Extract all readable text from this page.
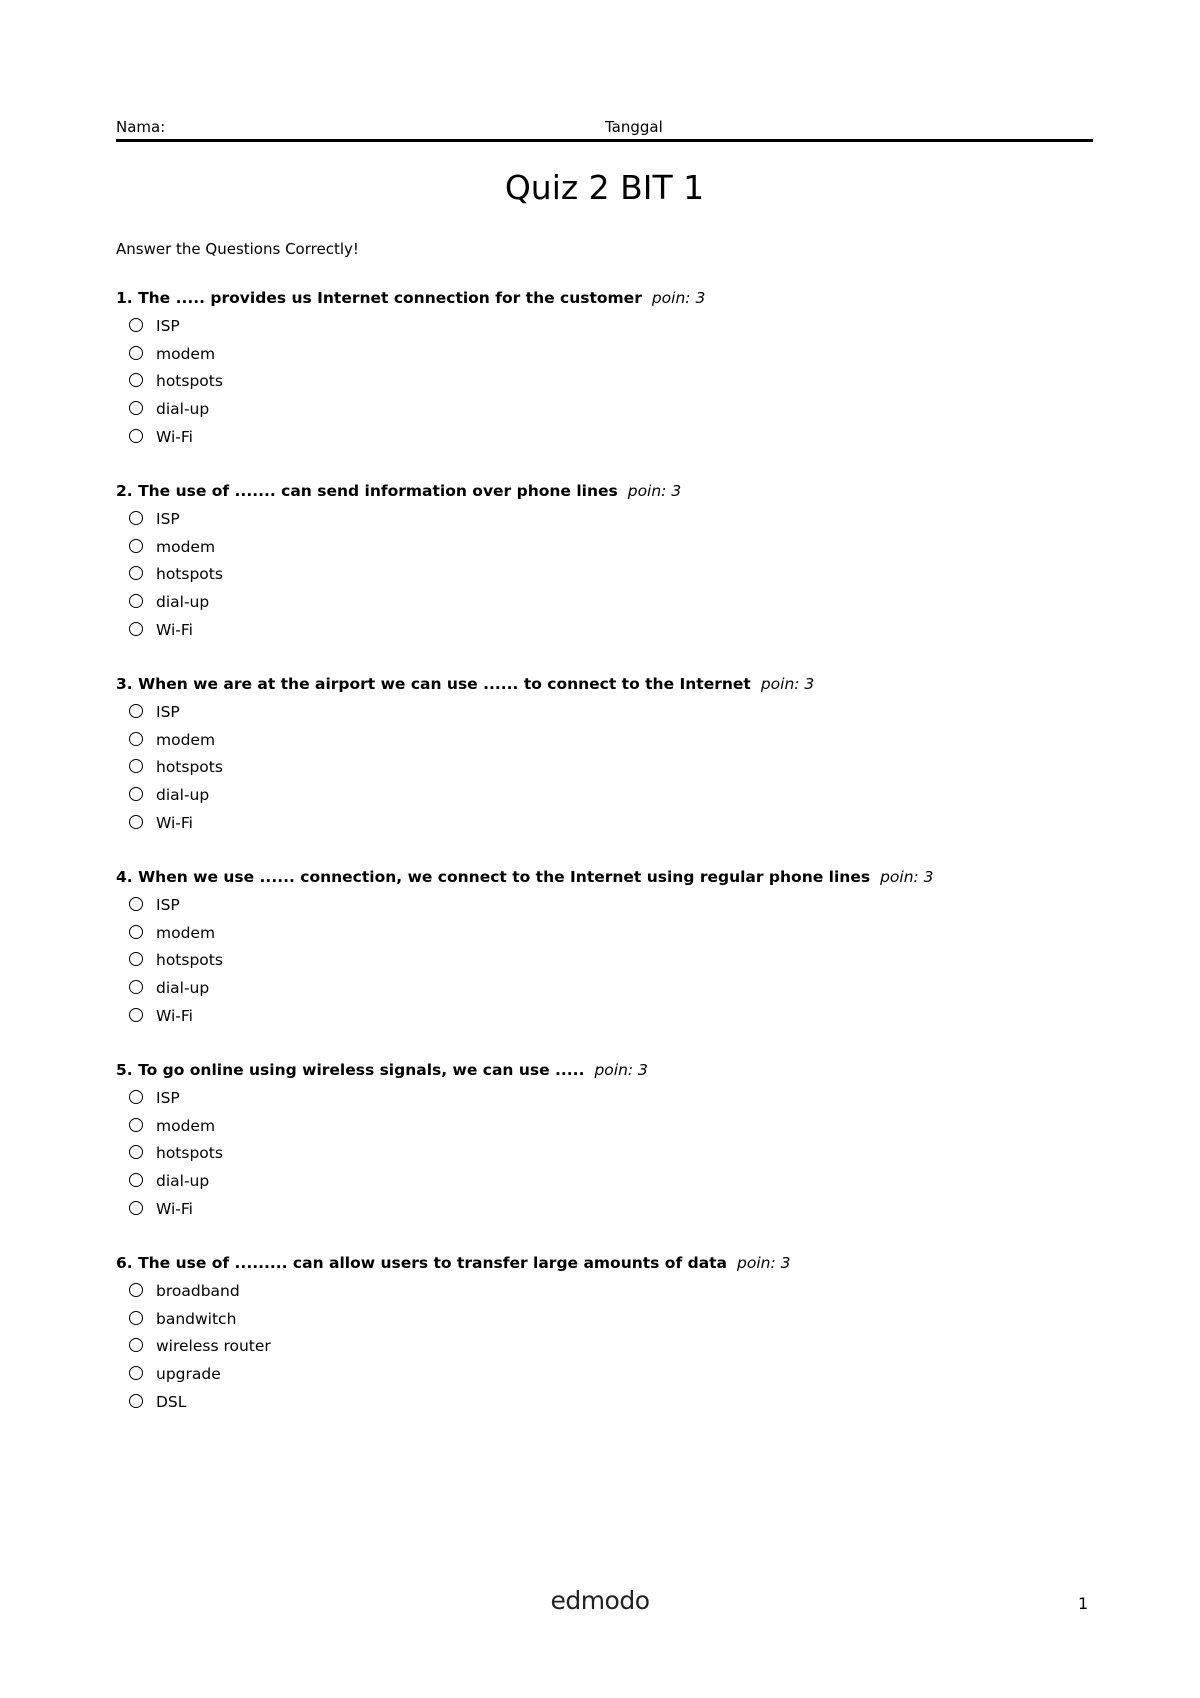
Nama:	Tanggal
Quiz 2 BIT 1
Answer the Questions Correctly!
1. The ..... provides us Internet connection for the customer poin: 3
ISP
modem
hotspots
dial-up
Wi-Fi
2. The use of ....... can send information over phone lines poin: 3
ISP
modem
hotspots
dial-up
Wi-Fi
3. When we are at the airport we can use ...... to connect to the Internet poin: 3
ISP
modem
hotspots
dial-up
Wi-Fi
4. When we use ...... connection, we connect to the Internet using regular phone lines poin: 3
ISP
modem
hotspots
dial-up
Wi-Fi
5. To go online using wireless signals, we can use ..... poin: 3
ISP
modem
hotspots
dial-up
Wi-Fi
6. The use of ......... can allow users to transfer large amounts of data poin: 3
broadband
bandwitch
wireless router
upgrade
DSL
edmodo	1
